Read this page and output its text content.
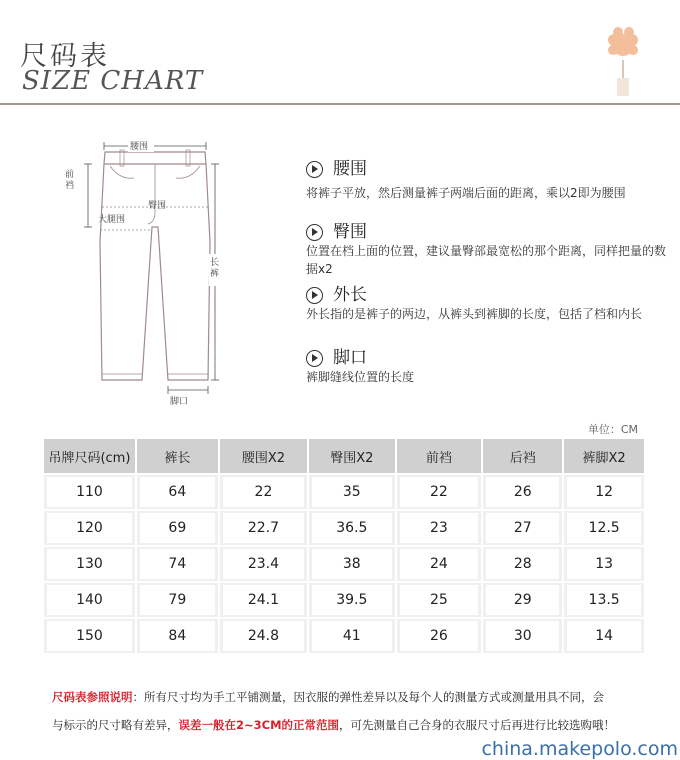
尺码表
SIZE CHART
腰围
前裆
臀围
大腿围
长裤
脚口
腰围
将裤子平放，然后测量裤子两端后面的距离，乘以2即为腰围
臀围
位置在档上面的位置，建议量臀部最宽松的那个距离，同样把量的数据x2
外长
外长指的是裤子的两边，从裤头到裤脚的长度，包括了档和内长
脚口
裤脚缝线位置的长度
单位：CM
吊牌尺码(cm)	裤长	腰围X2	臀围X2	前裆	后裆	裤脚X2

110	64	22	35	22	26	12

120	69	22.7	36.5	23	27	12.5

130	74	23.4	38	24	28	13

140	79	24.1	39.5	25	29	13.5

150	84	24.8	41	26	30	14
尺码表参照说明：所有尺寸均为手工平铺测量，因衣服的弹性差异以及每个人的测量方式或测量用具不同，会
与标示的尺寸略有差异，误差一般在2~3CM的正常范围，可先测量自己合身的衣服尺寸后再进行比较选购哦！
china.makepolo.com
